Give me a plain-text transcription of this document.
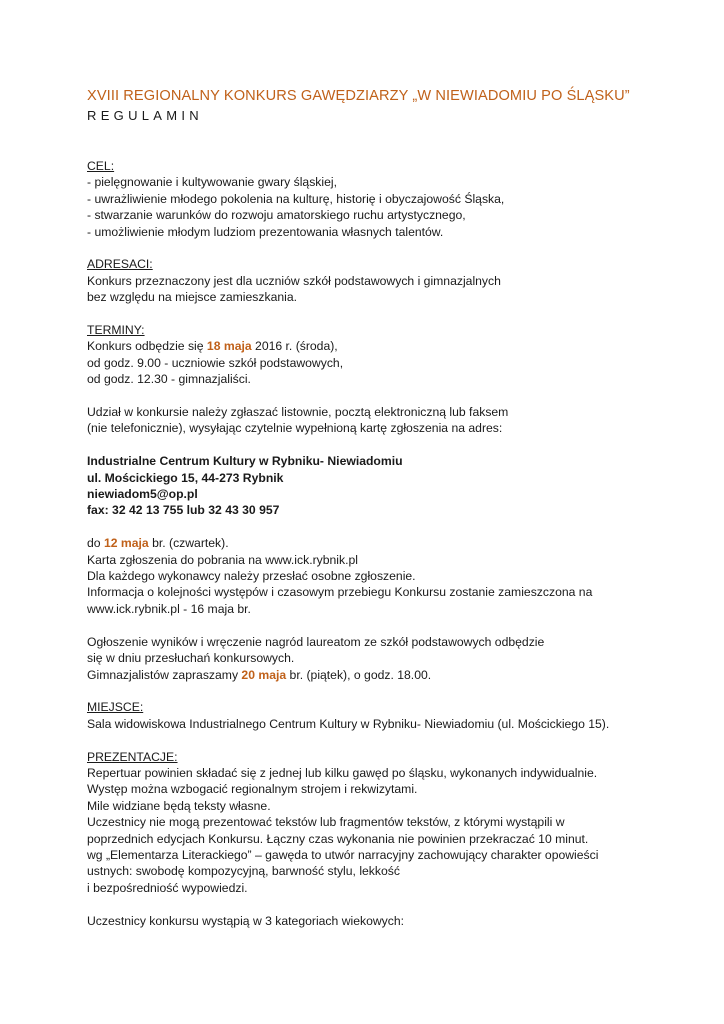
XVIII REGIONALNY KONKURS GAWĘDZIARZY „W NIEWIADOMIU PO ŚLĄSKU”
REGULAMIN

CEL:

- pielęgnowanie i kultywowanie gwary śląskiej,

- uwrażliwienie młodego pokolenia na kulturę, historię i obyczajowość Śląska,

- stwarzanie warunków do rozwoju amatorskiego ruchu artystycznego,

- umożliwienie młodym ludziom prezentowania własnych talentów.

ADRESACI:

Konkurs przeznaczony jest dla uczniów szkół podstawowych i gimnazjalnych

bez względu na miejsce zamieszkania.

TERMINY:

Konkurs odbędzie się 18 maja 2016 r. (środa),

od godz. 9.00 - uczniowie szkół podstawowych,

od godz. 12.30 - gimnazjaliści.

Udział w konkursie należy zgłaszać listownie, pocztą elektroniczną lub faksem

(nie telefonicznie), wysyłając czytelnie wypełnioną kartę zgłoszenia na adres:

Industrialne Centrum Kultury w Rybniku- Niewiadomiu

ul. Mościckiego 15, 44-273 Rybnik

niewiadom5@op.pl

fax: 32 42 13 755 lub 32 43 30 957

do 12 maja br. (czwartek).

Karta zgłoszenia do pobrania na www.ick.rybnik.pl

Dla każdego wykonawcy należy przesłać osobne zgłoszenie.

Informacja o kolejności występów i czasowym przebiegu Konkursu zostanie zamieszczona na

www.ick.rybnik.pl - 16 maja br.

Ogłoszenie wyników i wręczenie nagród laureatom ze szkół podstawowych odbędzie

się w dniu przesłuchań konkursowych.

Gimnazjalistów zapraszamy 20 maja br. (piątek), o godz. 18.00.

MIEJSCE:

Sala widowiskowa Industrialnego Centrum Kultury w Rybniku- Niewiadomiu (ul. Mościckiego 15).

PREZENTACJE:

Repertuar powinien składać się z jednej lub kilku gawęd po śląsku, wykonanych indywidualnie.

Występ można wzbogacić regionalnym strojem i rekwizytami.

Mile widziane będą teksty własne.

Uczestnicy nie mogą prezentować tekstów lub fragmentów tekstów, z którymi wystąpili w

poprzednich edycjach Konkursu. Łączny czas wykonania nie powinien przekraczać 10 minut.

wg „Elementarza Literackiego” – gawęda to utwór narracyjny zachowujący charakter opowieści

ustnych: swobodę kompozycyjną, barwność stylu, lekkość

i bezpośredniość wypowiedzi.

Uczestnicy konkursu wystąpią w 3 kategoriach wiekowych:
